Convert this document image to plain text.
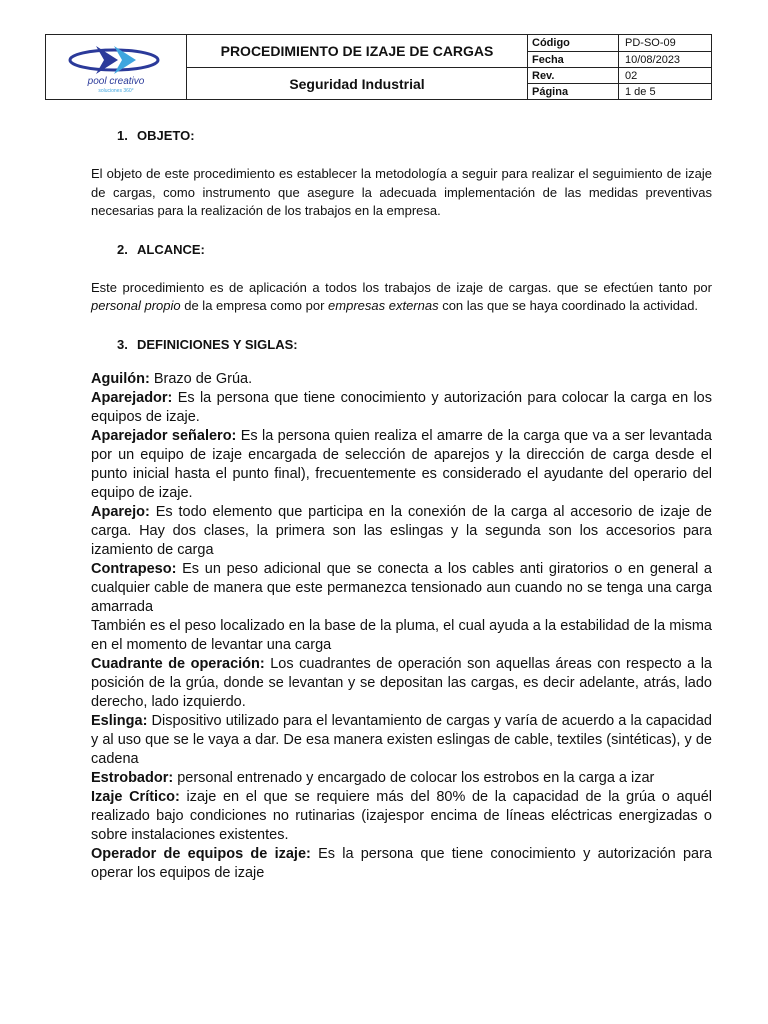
pool creativo
soluciones 360°	PROCEDIMIENTO DE IZAJE DE CARGAS	Código	PD-SO-09
		Fecha	10/08/2023
	Seguridad Industrial	Rev.	02
		Página	1 de 5
1. OBJETO:

El objeto de este procedimiento es establecer la metodología a seguir para realizar el seguimiento de izaje de cargas, como instrumento que asegure la adecuada implementación de las medidas preventivas necesarias para la realización de los trabajos en la empresa.

2. ALCANCE:

Este procedimiento es de aplicación a todos los trabajos de izaje de cargas. que se efectúen tanto por personal propio de la empresa como por empresas externas con las que se haya coordinado la actividad.

3. DEFINICIONES Y SIGLAS:

Aguilón: Brazo de Grúa.

Aparejador: Es la persona que tiene conocimiento y autorización para colocar la carga en los equipos de izaje.

Aparejador señalero: Es la persona quien realiza el amarre de la carga que va a ser levantada por un equipo de izaje encargada de selección de aparejos y la dirección de carga desde el punto inicial hasta el punto final), frecuentemente es considerado el ayudante del operario del equipo de izaje.

Aparejo: Es todo elemento que participa en la conexión de la carga al accesorio de izaje de carga. Hay dos clases, la primera son las eslingas y la segunda son los accesorios para izamiento de carga

Contrapeso: Es un peso adicional que se conecta a los cables anti giratorios o en general a cualquier cable de manera que este permanezca tensionado aun cuando no se tenga una carga amarrada

También es el peso localizado en la base de la pluma, el cual ayuda a la estabilidad de la misma en el momento de levantar una carga

Cuadrante de operación: Los cuadrantes de operación son aquellas áreas con respecto a la posición de la grúa, donde se levantan y se depositan las cargas, es decir adelante, atrás, lado derecho, lado izquierdo.

Eslinga: Dispositivo utilizado para el levantamiento de cargas y varía de acuerdo a la capacidad y al uso que se le vaya a dar. De esa manera existen eslingas de cable, textiles (sintéticas), y de cadena

Estrobador: personal entrenado y encargado de colocar los estrobos en la carga a izar

Izaje Crítico: izaje en el que se requiere más del 80% de la capacidad de la grúa o aquél realizado bajo condiciones no rutinarias (izajespor encima de líneas eléctricas energizadas o sobre instalaciones existentes.

Operador de equipos de izaje: Es la persona que tiene conocimiento y autorización para operar los equipos de izaje
